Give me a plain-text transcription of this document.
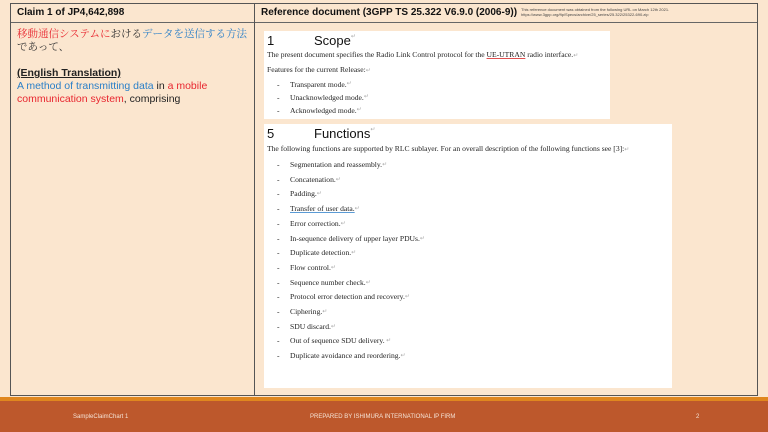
Claim 1 of JP4,642,898	Reference document (3GPP TS 25.322 V6.9.0 (2006-9)) This reference document was obtained from the following URL on March 12th 2021.
https://www.3gpp.org/ftp/Specs/archive/25_series/25.322/25322-690.zip
移動通信システムにおけるデータを送信する方法であって、
(English Translation)
A method of transmitting data in a mobile communication system, comprising
1	Scope ↵
The present document specifies the Radio Link Control protocol for the UE-UTRAN radio interface.↵
Features for the current Release:↵
-	Transparent mode. ↵
-	Unacknowledged mode. ↵
-	Acknowledged mode. ↵
5	Functions ↵
The following functions are supported by RLC sublayer. For an overall description of the following functions see [3]:↵
-	Segmentation and reassembly. ↵
-	Concatenation. ↵
-	Padding. ↵
-	Transfer of user data. ↵
-	Error correction. ↵
-	In-sequence delivery of upper layer PDUs. ↵
-	Duplicate detection. ↵
-	Flow control. ↵
-	Sequence number check. ↵
-	Protocol error detection and recovery. ↵
-	Ciphering. ↵
-	SDU discard. ↵
-	Out of sequence SDU delivery. ↵
-	Duplicate avoidance and reordering. ↵
SampleClaimChart 1	PREPARED BY ISHIMURA INTERNATIONAL IP FIRM	2
